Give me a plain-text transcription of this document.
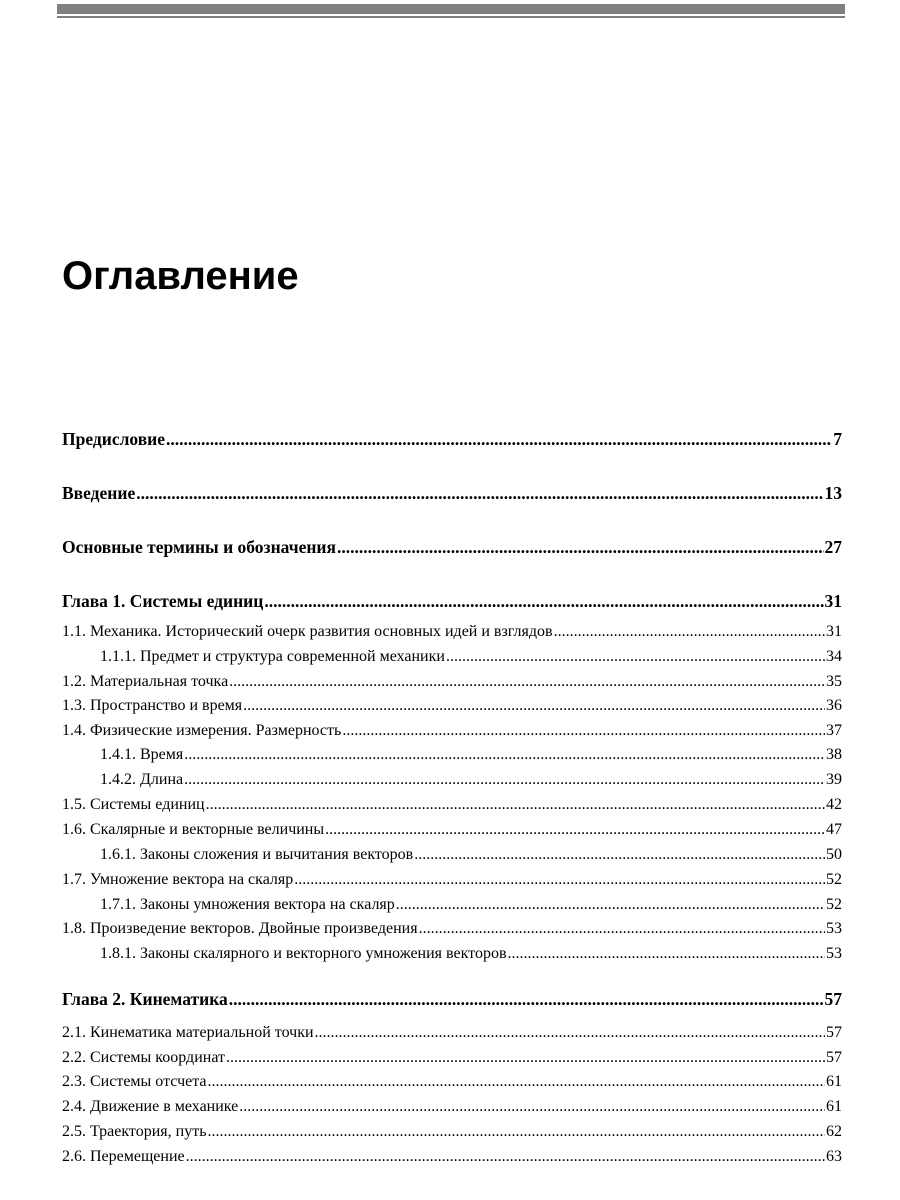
Оглавление
Предисловие .....	7
Введение .....	13
Основные термины и обозначения .....	27
Глава 1. Системы единиц .....	31
1.1. Механика. Исторический очерк развития основных идей и взглядов .....	31
1.1.1. Предмет и структура современной механики .....	34
1.2. Материальная точка .....	35
1.3. Пространство и время .....	36
1.4. Физические измерения. Размерность .....	37
1.4.1. Время .....	38
1.4.2. Длина .....	39
1.5. Системы единиц .....	42
1.6. Скалярные и векторные величины .....	47
1.6.1. Законы сложения и вычитания векторов .....	50
1.7. Умножение вектора на скаляр .....	52
1.7.1. Законы умножения вектора на скаляр .....	52
1.8. Произведение векторов. Двойные произведения .....	53
1.8.1. Законы скалярного и векторного умножения векторов .....	53
Глава 2. Кинематика .....	57
2.1. Кинематика материальной точки .....	57
2.2. Системы координат .....	57
2.3. Системы отсчета .....	61
2.4. Движение в механике .....	61
2.5. Траектория, путь .....	62
2.6. Перемещение .....	63
